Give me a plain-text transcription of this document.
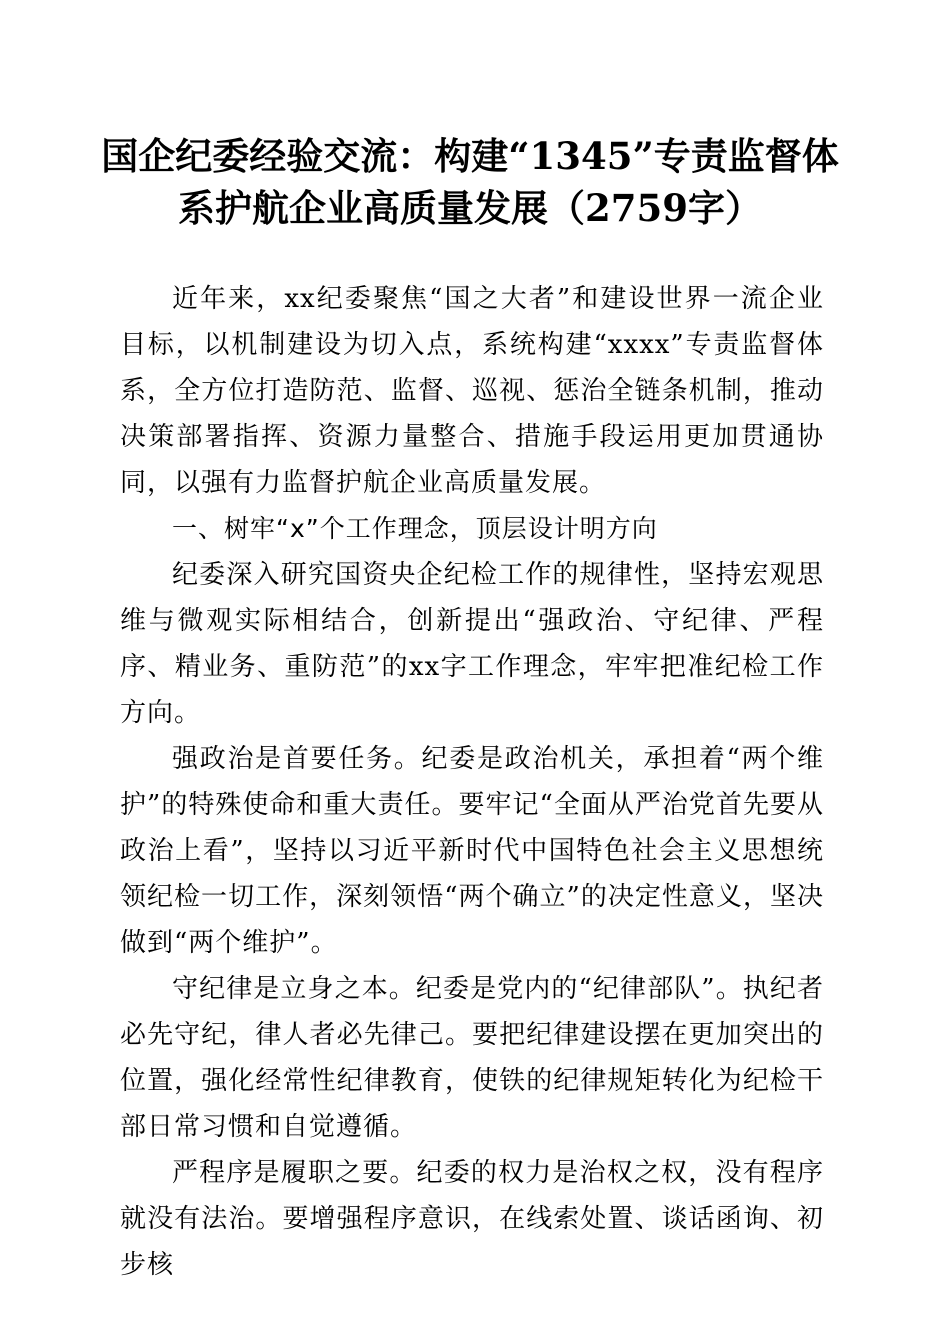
国企纪委经验交流：构建“1345”专责监督体
系护航企业高质量发展（2759字）

近年来，xx纪委聚焦“国之大者”和建设世界一流企业目标，以机制建设为切入点，系统构建“xxxx”专责监督体系，全方位打造防范、监督、巡视、惩治全链条机制，推动决策部署指挥、资源力量整合、措施手段运用更加贯通协同，以强有力监督护航企业高质量发展。

一、树牢“x”个工作理念，顶层设计明方向

纪委深入研究国资央企纪检工作的规律性，坚持宏观思维与微观实际相结合，创新提出“强政治、守纪律、严程序、精业务、重防范”的xx字工作理念，牢牢把准纪检工作方向。

强政治是首要任务。纪委是政治机关，承担着“两个维护”的特殊使命和重大责任。要牢记“全面从严治党首先要从政治上看”，坚持以习近平新时代中国特色社会主义思想统领纪检一切工作，深刻领悟“两个确立”的决定性意义，坚决做到“两个维护”。

守纪律是立身之本。纪委是党内的“纪律部队”。执纪者必先守纪，律人者必先律己。要把纪律建设摆在更加突出的位置，强化经常性纪律教育，使铁的纪律规矩转化为纪检干部日常习惯和自觉遵循。

严程序是履职之要。纪委的权力是治权之权，没有程序就没有法治。要增强程序意识，在线索处置、谈话函询、初步核
